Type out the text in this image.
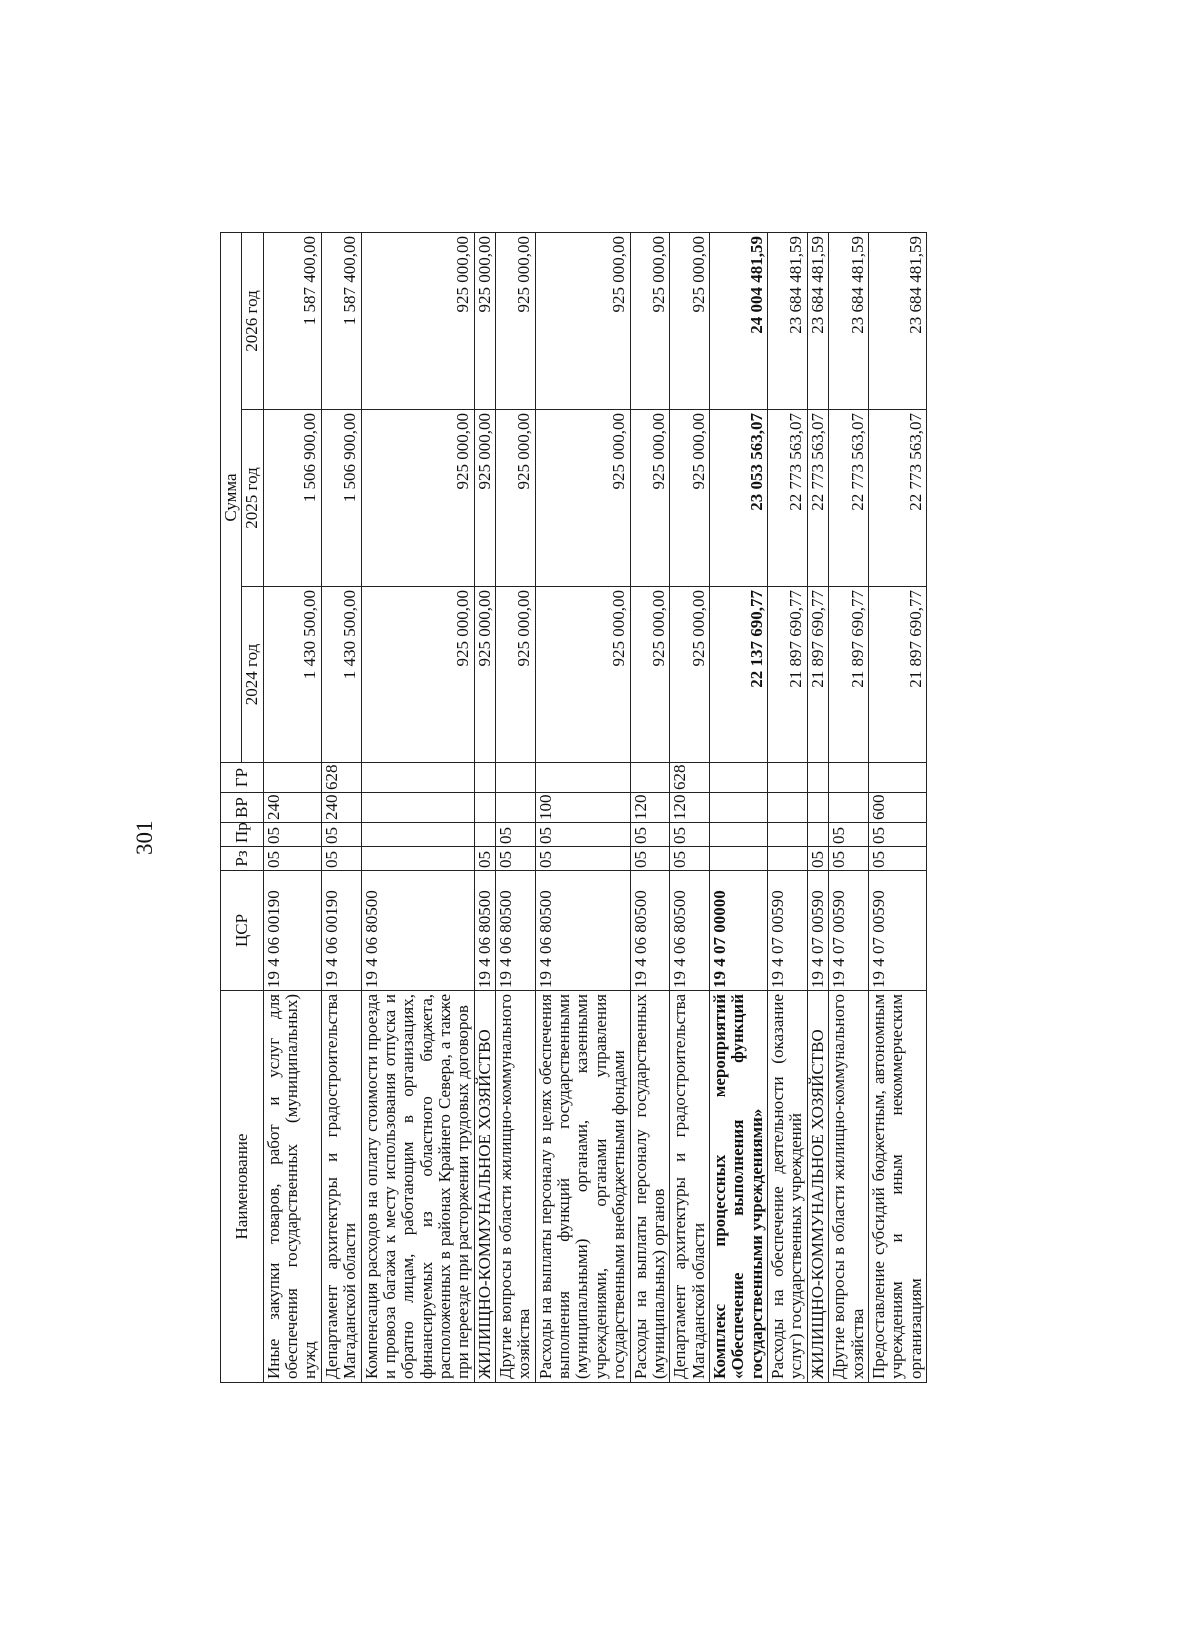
301
Наименование	ЦСР	Рз	Пр	ВР	ГР	Сумма		
						2024 год	2025 год	2026 год
Иные закупки товаров, работ и услуг для обеспечения государственных (муниципальных) нужд	19 4 06 00190	05	05	240		1 430 500,00	1 506 900,00	1 587 400,00
Департамент архитектуры и градостроительства Магаданской области	19 4 06 00190	05	05	240	628	1 430 500,00	1 506 900,00	1 587 400,00
Компенсация расходов на оплату стоимости проезда и провоза багажа к месту использования отпуска и обратно лицам, работающим в организациях, финансируемых из областного бюджета, расположенных в районах Крайнего Севера, а также при переезде при расторжении трудовых договоров	19 4 06 80500					925 000,00	925 000,00	925 000,00
ЖИЛИЩНО-КОММУНАЛЬНОЕ ХОЗЯЙСТВО	19 4 06 80500	05				925 000,00	925 000,00	925 000,00
Другие вопросы в области жилищно-коммунального хозяйства	19 4 06 80500	05	05			925 000,00	925 000,00	925 000,00
Расходы на выплаты персоналу в целях обеспечения выполнения функций государственными (муниципальными) органами, казенными учреждениями, органами управления государственными внебюджетными фондами	19 4 06 80500	05	05	100		925 000,00	925 000,00	925 000,00
Расходы на выплаты персоналу государственных (муниципальных) органов	19 4 06 80500	05	05	120		925 000,00	925 000,00	925 000,00
Департамент архитектуры и градостроительства Магаданской области	19 4 06 80500	05	05	120	628	925 000,00	925 000,00	925 000,00
Комплекс процессных мероприятий «Обеспечение выполнения функций государственными учреждениями»	19 4 07 00000					22 137 690,77	23 053 563,07	24 004 481,59
Расходы на обеспечение деятельности (оказание услуг) государственных учреждений	19 4 07 00590					21 897 690,77	22 773 563,07	23 684 481,59
ЖИЛИЩНО-КОММУНАЛЬНОЕ ХОЗЯЙСТВО	19 4 07 00590	05				21 897 690,77	22 773 563,07	23 684 481,59
Другие вопросы в области жилищно-коммунального хозяйства	19 4 07 00590	05	05			21 897 690,77	22 773 563,07	23 684 481,59
Предоставление субсидий бюджетным, автономным учреждениям и иным некоммерческим организациям	19 4 07 00590	05	05	600		21 897 690,77	22 773 563,07	23 684 481,59
